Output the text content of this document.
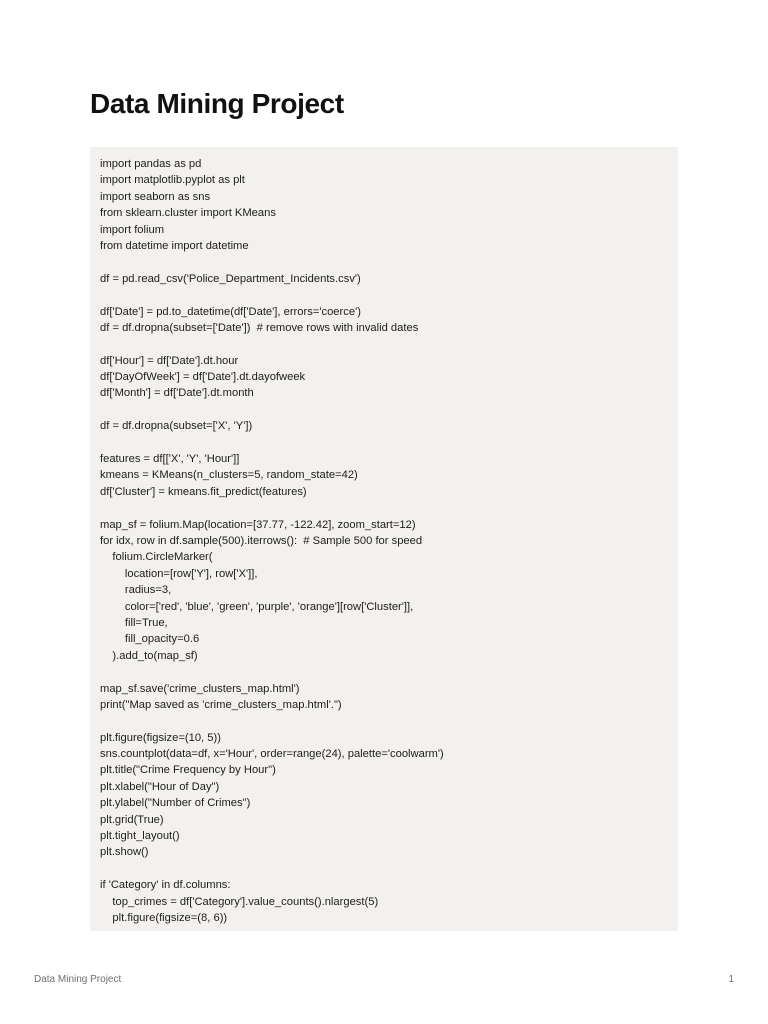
Data Mining Project
import pandas as pd
import matplotlib.pyplot as plt
import seaborn as sns
from sklearn.cluster import KMeans
import folium
from datetime import datetime
df = pd.read_csv('Police_Department_Incidents.csv')
df['Date'] = pd.to_datetime(df['Date'], errors='coerce')
df = df.dropna(subset=['Date'])  # remove rows with invalid dates
df['Hour'] = df['Date'].dt.hour
df['DayOfWeek'] = df['Date'].dt.dayofweek
df['Month'] = df['Date'].dt.month
df = df.dropna(subset=['X', 'Y'])
features = df[['X', 'Y', 'Hour']]
kmeans = KMeans(n_clusters=5, random_state=42)
df['Cluster'] = kmeans.fit_predict(features)
map_sf = folium.Map(location=[37.77, -122.42], zoom_start=12)
for idx, row in df.sample(500).iterrows():  # Sample 500 for speed
folium.CircleMarker(
location=[row['Y'], row['X']],
radius=3,
color=['red', 'blue', 'green', 'purple', 'orange'][row['Cluster']],
fill=True,
fill_opacity=0.6
).add_to(map_sf)
map_sf.save('crime_clusters_map.html')
print("Map saved as 'crime_clusters_map.html'.")
plt.figure(figsize=(10, 5))
sns.countplot(data=df, x='Hour', order=range(24), palette='coolwarm')
plt.title("Crime Frequency by Hour")
plt.xlabel("Hour of Day")
plt.ylabel("Number of Crimes")
plt.grid(True)
plt.tight_layout()
plt.show()
if 'Category' in df.columns:
top_crimes = df['Category'].value_counts().nlargest(5)
plt.figure(figsize=(8, 6))
Data Mining Project	1
